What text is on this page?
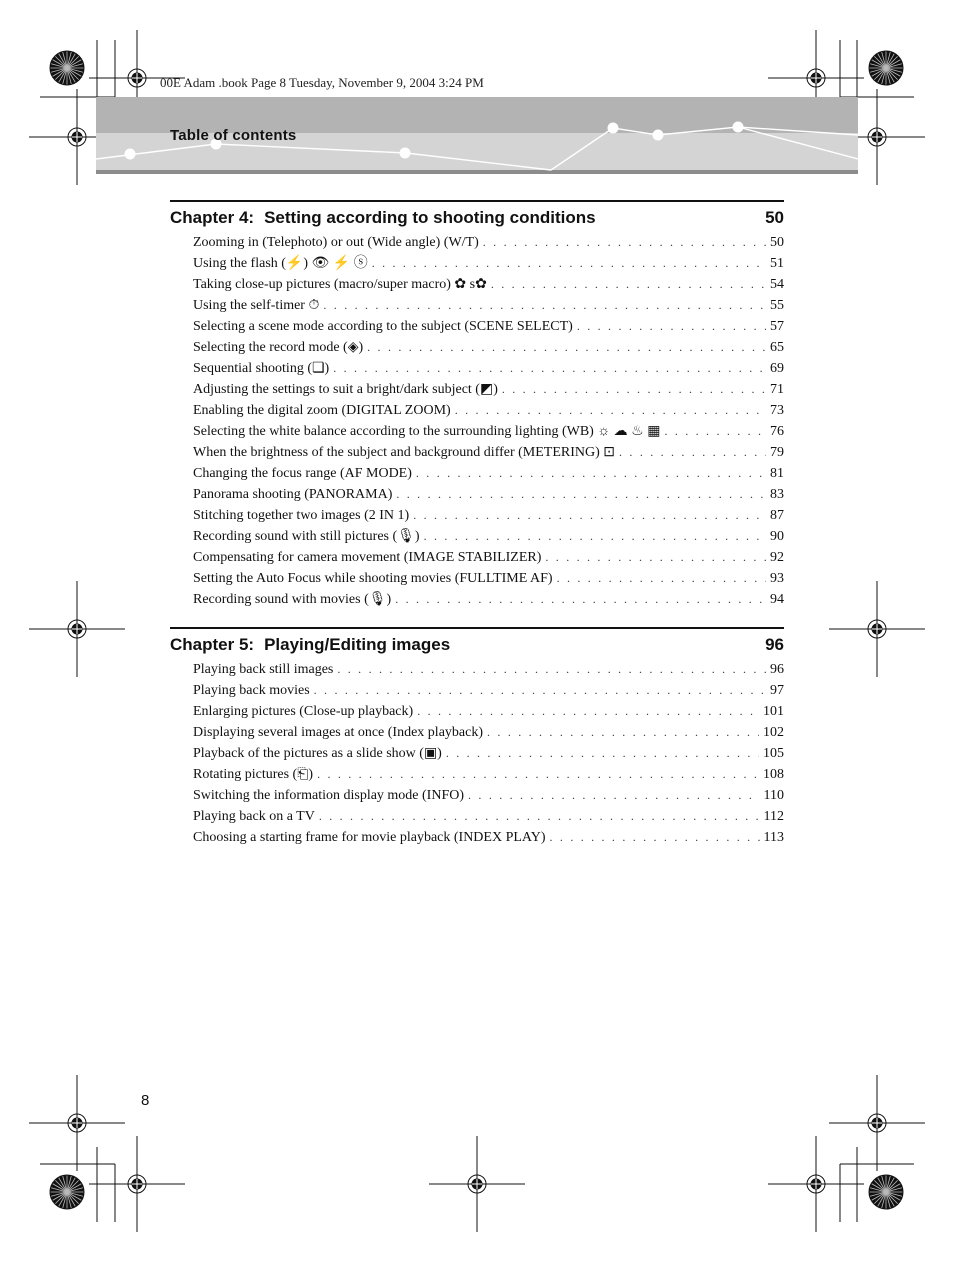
00E Adam .book Page 8 Tuesday, November 9, 2004 3:24 PM
Table of contents
Chapter 4: Setting according to shooting conditions	50
Zooming in (Telephoto) or out (Wide angle) (W/T) . . .	50
Using the flash (⚡) 👁 ⚡ ⓢ . . .	51
Taking close-up pictures (macro/super macro) ✿ s✿ . . .	54
Using the self-timer ⏱ . . .	55
Selecting a scene mode according to the subject (SCENE SELECT) . . .	57
Selecting the record mode (◈) . . .	65
Sequential shooting (❏) . . .	69
Adjusting the settings to suit a bright/dark subject (◩) . . .	71
Enabling the digital zoom (DIGITAL ZOOM) . . .	73
Selecting the white balance according to the surrounding lighting (WB) ☼ ☁ ♨ ▦ . . .	76
When the brightness of the subject and background differ (METERING) ⊡ . . .	79
Changing the focus range (AF MODE) . . .	81
Panorama shooting (PANORAMA) . . .	83
Stitching together two images (2 IN 1) . . .	87
Recording sound with still pictures (🎙) . . .	90
Compensating for camera movement (IMAGE STABILIZER) . . .	92
Setting the Auto Focus while shooting movies (FULLTIME AF) . . .	93
Recording sound with movies (🎙) . . .	94
Chapter 5: Playing/Editing images	96
Playing back still images . . .	96
Playing back movies . . .	97
Enlarging pictures (Close-up playback) . . .	101
Displaying several images at once (Index playback) . . .	102
Playback of the pictures as a slide show (▣) . . .	105
Rotating pictures (⎗) . . .	108
Switching the information display mode (INFO) . . .	110
Playing back on a TV . . .	112
Choosing a starting frame for movie playback (INDEX PLAY) . . .	113
8
